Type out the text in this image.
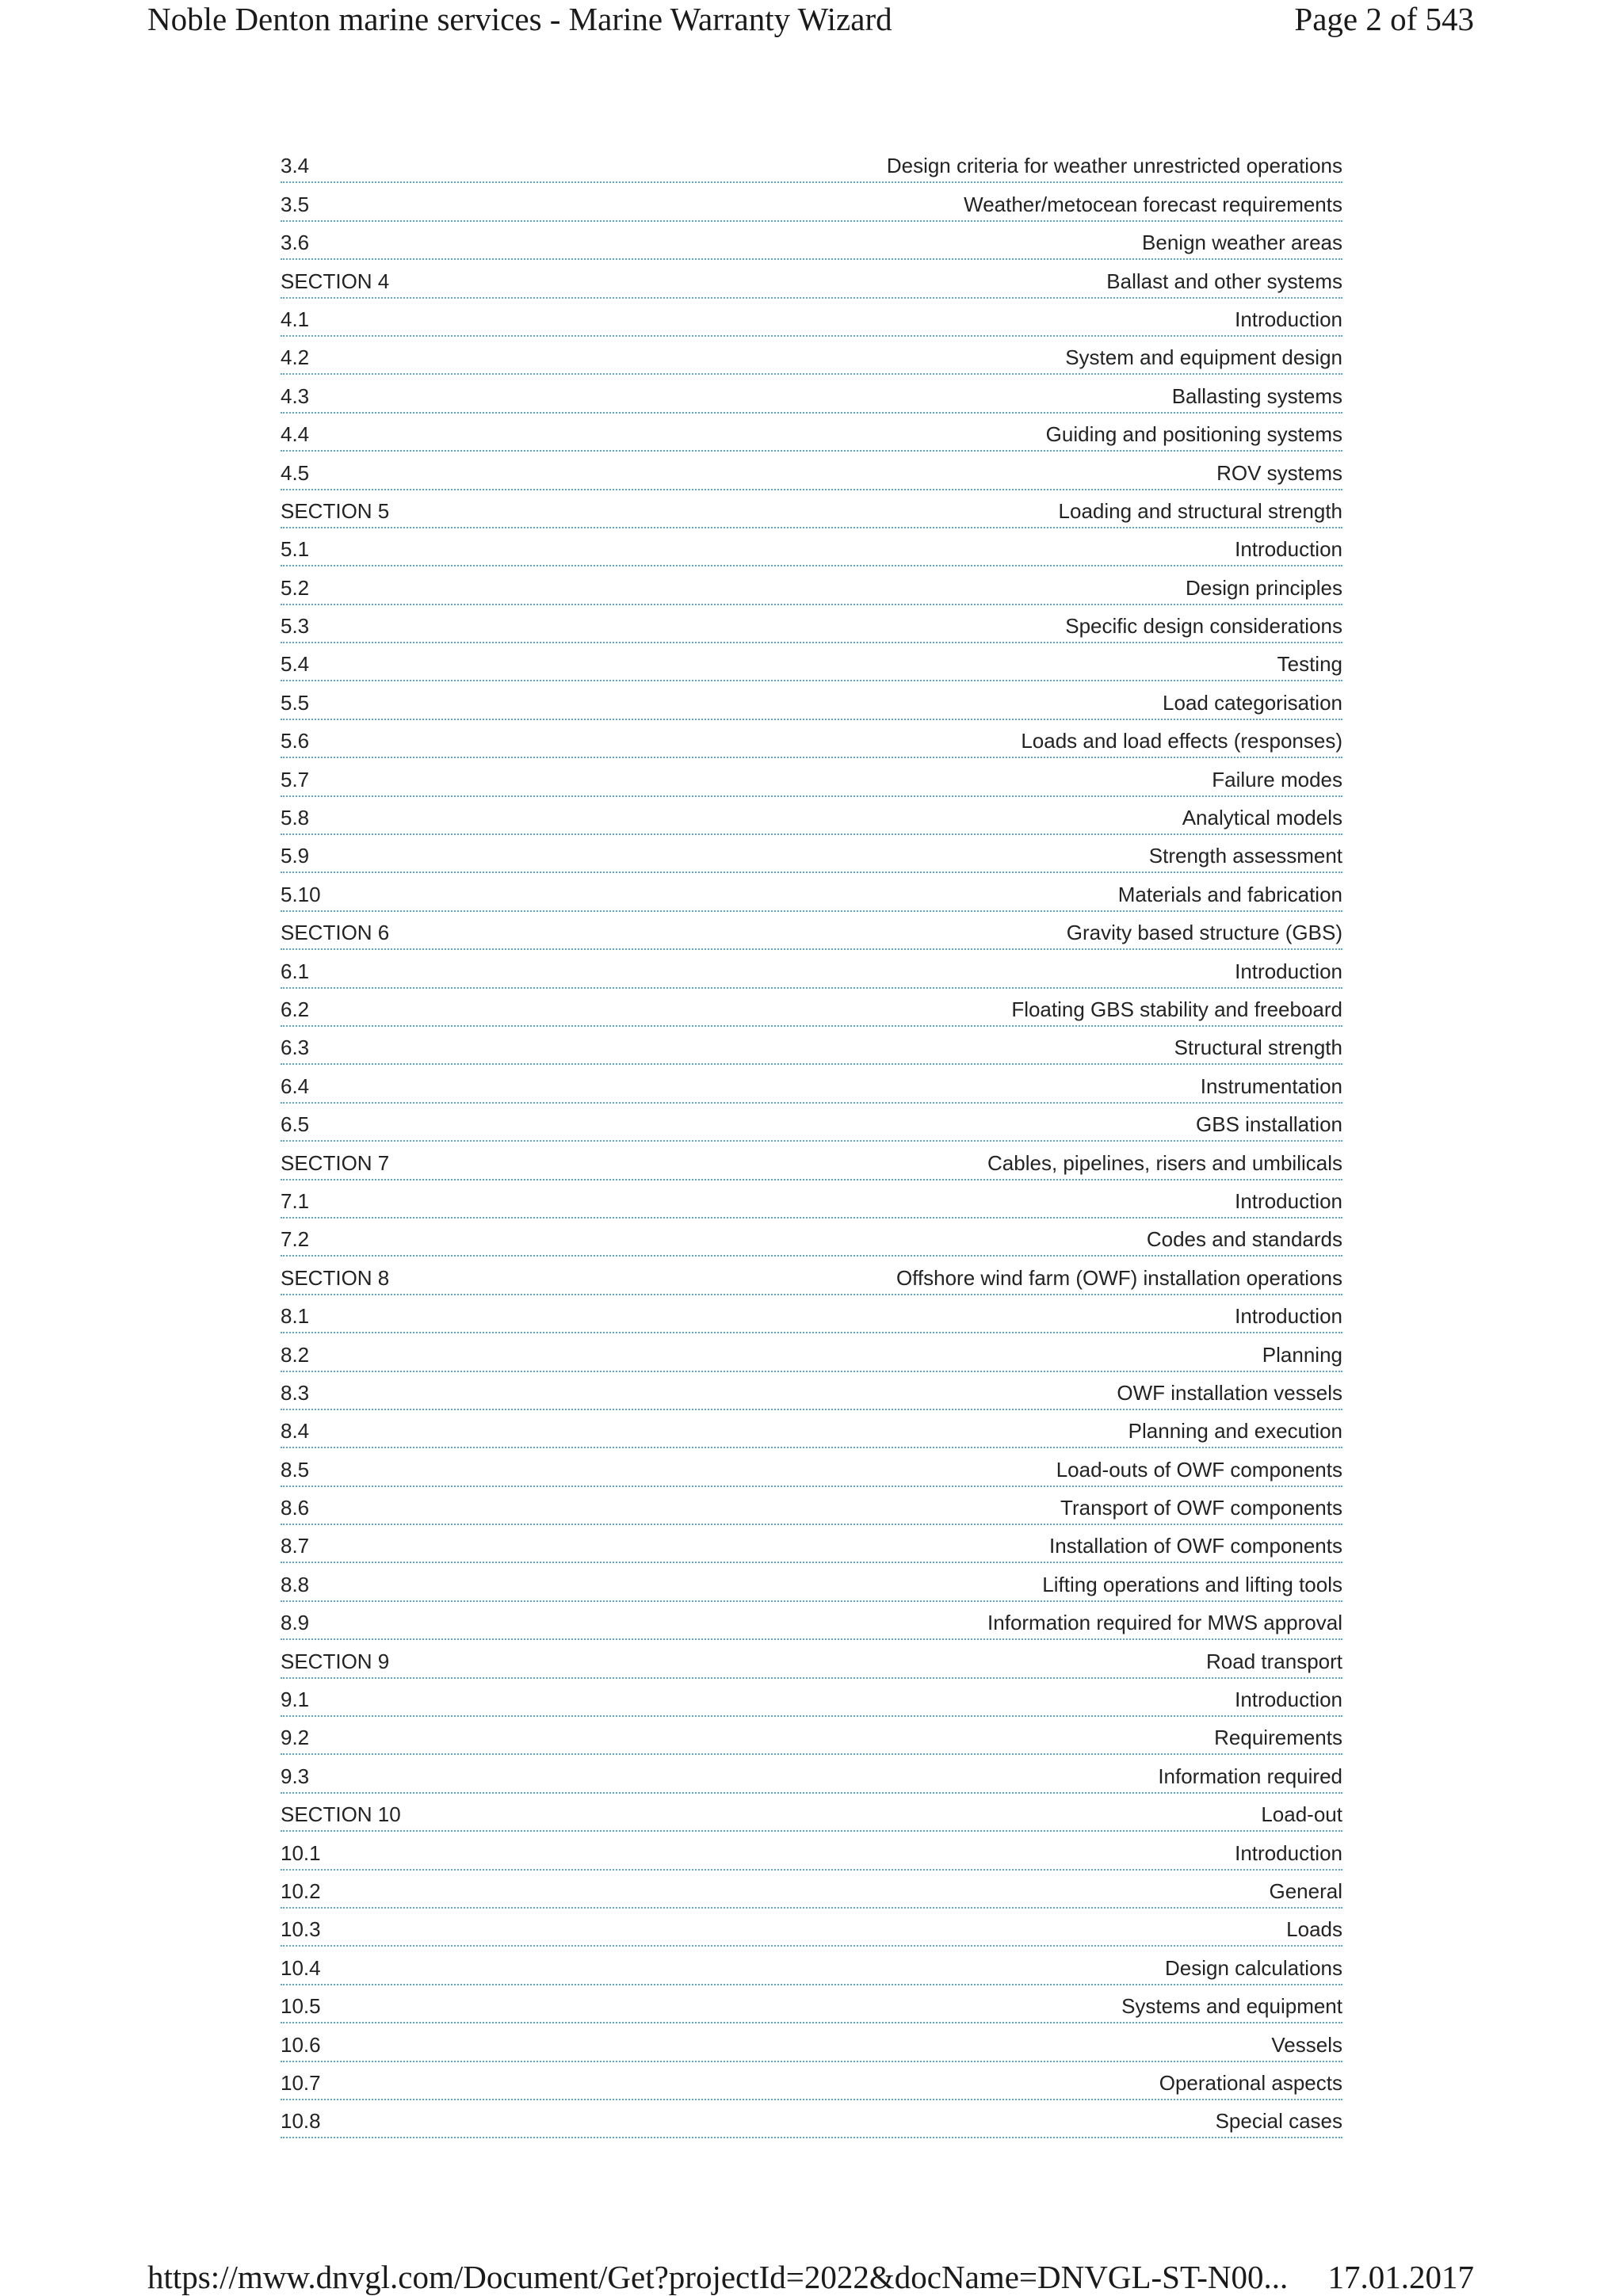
Noble Denton marine services - Marine Warranty Wizard	Page 2 of 543
3.4	Design criteria for weather unrestricted operations
3.5	Weather/metocean forecast requirements
3.6	Benign weather areas
SECTION 4	Ballast and other systems
4.1	Introduction
4.2	System and equipment design
4.3	Ballasting systems
4.4	Guiding and positioning systems
4.5	ROV systems
SECTION 5	Loading and structural strength
5.1	Introduction
5.2	Design principles
5.3	Specific design considerations
5.4	Testing
5.5	Load categorisation
5.6	Loads and load effects (responses)
5.7	Failure modes
5.8	Analytical models
5.9	Strength assessment
5.10	Materials and fabrication
SECTION 6	Gravity based structure (GBS)
6.1	Introduction
6.2	Floating GBS stability and freeboard
6.3	Structural strength
6.4	Instrumentation
6.5	GBS installation
SECTION 7	Cables, pipelines, risers and umbilicals
7.1	Introduction
7.2	Codes and standards
SECTION 8	Offshore wind farm (OWF) installation operations
8.1	Introduction
8.2	Planning
8.3	OWF installation vessels
8.4	Planning and execution
8.5	Load-outs of OWF components
8.6	Transport of OWF components
8.7	Installation of OWF components
8.8	Lifting operations and lifting tools
8.9	Information required for MWS approval
SECTION 9	Road transport
9.1	Introduction
9.2	Requirements
9.3	Information required
SECTION 10	Load-out
10.1	Introduction
10.2	General
10.3	Loads
10.4	Design calculations
10.5	Systems and equipment
10.6	Vessels
10.7	Operational aspects
10.8	Special cases
https://mww.dnvgl.com/Document/Get?projectId=2022&docName=DNVGL-ST-N00... 17.01.2017
